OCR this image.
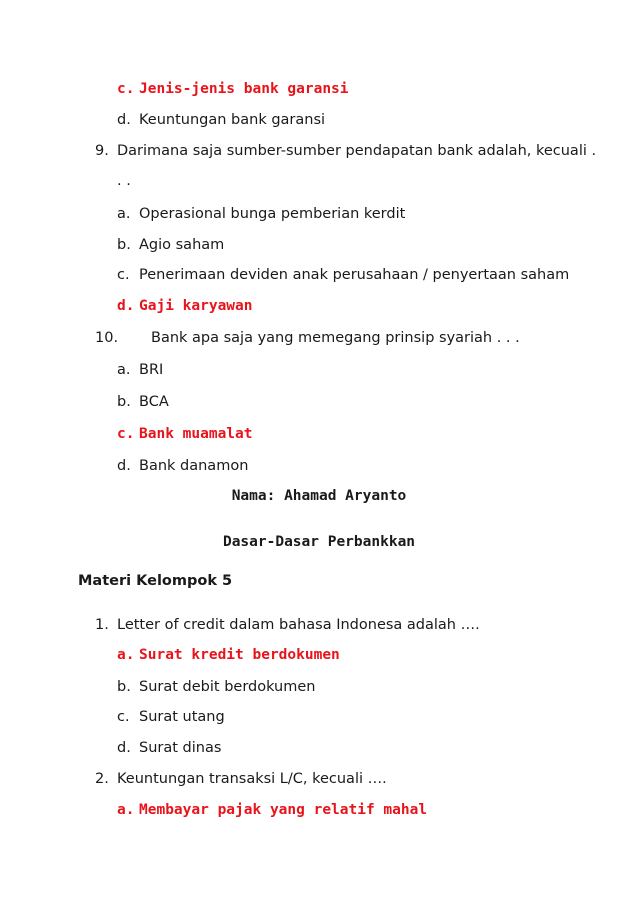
c. Jenis-jenis bank garansi
d. Keuntungan bank garansi
9. Darimana saja sumber-sumber pendapatan bank adalah, kecuali .
. .
a. Operasional bunga pemberian kerdit
b. Agio saham
c. Penerimaan deviden anak perusahaan / penyertaan saham
d. Gaji karyawan
10. Bank apa saja yang memegang prinsip syariah . . .
a. BRI
b. BCA
c. Bank muamalat
d. Bank danamon
Nama: Ahamad Aryanto
Dasar-Dasar Perbankkan
Materi Kelompok 5
1. Letter of credit dalam bahasa Indonesa adalah ….
a. Surat kredit berdokumen
b. Surat debit berdokumen
c. Surat utang
d. Surat dinas
2. Keuntungan transaksi L/C, kecuali ….
a. Membayar pajak yang relatif mahal
